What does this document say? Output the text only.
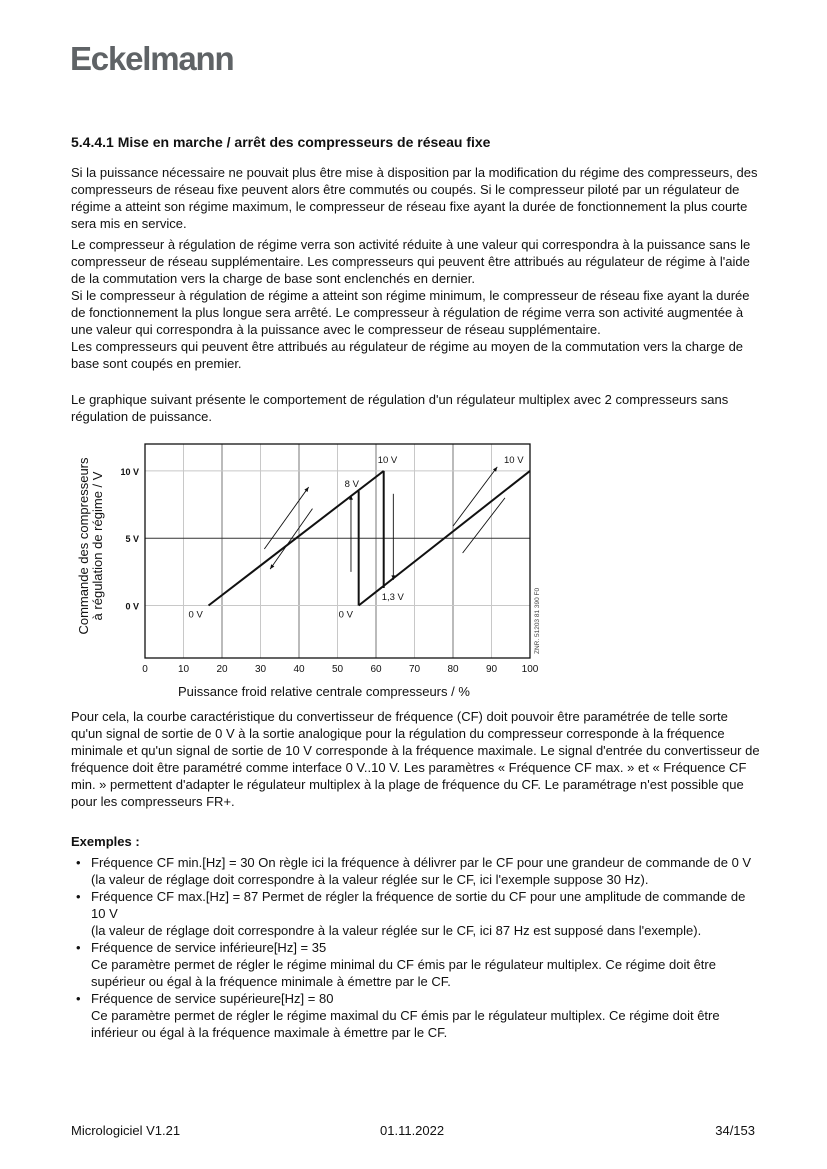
Eckelmann
5.4.4.1 Mise en marche / arrêt des compresseurs de réseau fixe

Si la puissance nécessaire ne pouvait plus être mise à disposition par la modification du régime des compresseurs, des compresseurs de réseau fixe peuvent alors être commutés ou coupés. Si le compresseur piloté par un régulateur de régime a atteint son régime maximum, le compresseur de réseau fixe ayant la durée de fonctionnement la plus courte sera mis en service.

Le compresseur à régulation de régime verra son activité réduite à une valeur qui correspondra à la puissance sans le compresseur de réseau supplémentaire. Les compresseurs qui peuvent être attribués au régulateur de régime à l'aide de la commutation vers la charge de base sont enclenchés en dernier.

Si le compresseur à régulation de régime a atteint son régime minimum, le compresseur de réseau fixe ayant la durée de fonctionnement la plus longue sera arrêté. Le compresseur à régulation de régime verra son activité augmentée à une valeur qui correspondra à la puissance avec le compresseur de réseau supplémentaire.

Les compresseurs qui peuvent être attribués au régulateur de régime au moyen de la commutation vers la charge de base sont coupés en premier.

Le graphique suivant présente le comportement de régulation d'un régulateur multiplex avec 2 compresseurs sans régulation de puissance.

0 V
5 V
10 V
0	10	20	30	40	50	60	70	80	90 100
0 V
8 V
10 V
0 V
1,3 V
10 V
Commande des compresseurs à régulation de régime / V
ZNR. 51203 81 390 F0
Puissance froid relative centrale compresseurs / %

Pour cela, la courbe caractéristique du convertisseur de fréquence (CF) doit pouvoir être paramétrée de telle sorte qu'un signal de sortie de 0 V à la sortie analogique pour la régulation du compresseur corresponde à la fréquence minimale et qu'un signal de sortie de 10 V corresponde à la fréquence maximale. Le signal d'entrée du convertisseur de fréquence doit être paramétré comme interface 0 V..10 V. Les paramètres « Fréquence CF max. » et « Fréquence CF min. » permettent d'adapter le régulateur multiplex à la plage de fréquence du CF. Le paramétrage n'est possible que pour les compresseurs FR+.

Exemples :
• Fréquence CF min.[Hz] = 30 On règle ici la fréquence à délivrer par le CF pour une grandeur de commande de 0 V
(la valeur de réglage doit correspondre à la valeur réglée sur le CF, ici l'exemple suppose 30 Hz).
• Fréquence CF max.[Hz] = 87 Permet de régler la fréquence de sortie du CF pour une amplitude de commande de 10 V
(la valeur de réglage doit correspondre à la valeur réglée sur le CF, ici 87 Hz est supposé dans l'exemple).
• Fréquence de service inférieure[Hz] = 35
Ce paramètre permet de régler le régime minimal du CF émis par le régulateur multiplex. Ce régime doit être supérieur ou égal à la fréquence minimale à émettre par le CF.
• Fréquence de service supérieure[Hz] = 80
Ce paramètre permet de régler le régime maximal du CF émis par le régulateur multiplex. Ce régime doit être inférieur ou égal à la fréquence maximale à émettre par le CF.
Micrologiciel V1.21	01.11.2022	34/153
